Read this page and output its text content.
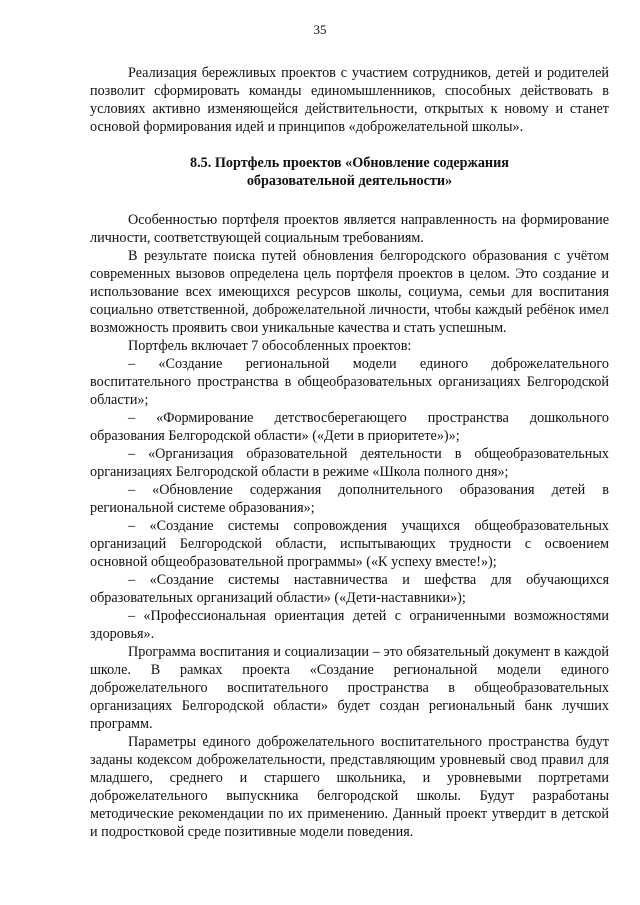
35

Реализация бережливых проектов с участием сотрудников, детей и родителей позволит сформировать команды единомышленников, способных действовать в условиях активно изменяющейся действительности, открытых к новому и станет основой формирования идей и принципов «доброжелательной школы».

8.5. Портфель проектов «Обновление содержания
образовательной деятельности»

Особенностью портфеля проектов является направленность на формирование личности, соответствующей социальным требованиям.

В результате поиска путей обновления белгородского образования с учётом современных вызовов определена цель портфеля проектов в целом. Это создание и использование всех имеющихся ресурсов школы, социума, семьи для воспитания социально ответственной, доброжелательной личности, чтобы каждый ребёнок имел возможность проявить свои уникальные качества и стать успешным.

Портфель включает 7 обособленных проектов:

– «Создание региональной модели единого доброжелательного воспитательного пространства в общеобразовательных организациях Белгородской области»;

– «Формирование детствосберегающего пространства дошкольного образования Белгородской области» («Дети в приоритете»)»;

– «Организация образовательной деятельности в общеобразовательных организациях Белгородской области в режиме «Школа полного дня»;

– «Обновление содержания дополнительного образования детей в региональной системе образования»;

– «Создание системы сопровождения учащихся общеобразовательных организаций Белгородской области, испытывающих трудности с освоением основной общеобразовательной программы» («К успеху вместе!»);

– «Создание системы наставничества и шефства для обучающихся образовательных организаций области» («Дети-наставники»);

– «Профессиональная ориентация детей с ограниченными возможностями здоровья».

Программа воспитания и социализации – это обязательный документ в каждой школе. В рамках проекта «Создание региональной модели единого доброжелательного воспитательного пространства в общеобразовательных организациях Белгородской области» будет создан региональный банк лучших программ.

Параметры единого доброжелательного воспитательного пространства будут заданы кодексом доброжелательности, представляющим уровневый свод правил для младшего, среднего и старшего школьника, и уровневыми портретами доброжелательного выпускника белгородской школы. Будут разработаны методические рекомендации по их применению. Данный проект утвердит в детской и подростковой среде позитивные модели поведения.
